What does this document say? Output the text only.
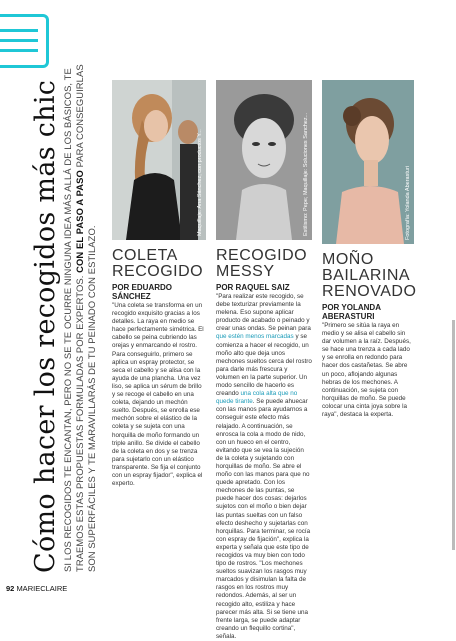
Cómo hacer los recogidos más chic SI LOS RECOGIDOS TE ENCANTAN, PERO NO SE TE OCURRE NINGUNA IDEA MÁS ALLÁ DE LOS BÁSICOS, TE TRAEMOS ESTAS PROPUESTAS FORMULADAS POR EXPERTOS. CON EL PASO A PASO PARA CONSEGUIRLAS SON SUPERFÁCILES Y TE MARAVILLARÁS DE TU PEINADO CON ESTILAZO.
Maquillaje: Ana Sánchez, con productos Y...
COLETA RECOGIDO
POR EDUARDO SÁNCHEZ
"Una coleta se transforma en un recogido exquisito gracias a los detalles. La raya en medio se hace perfectamente simétrica. El cabello se peina cubriendo las orejas y enmarcando el rostro. Para conseguirlo, primero se aplica un espray protector, se seca el cabello y se alisa con la ayuda de una plancha. Una vez liso, se aplica un sérum de brillo y se recoge el cabello en una coleta, dejando un mechón suelto. Después, se enrolla ese mechón sobre el elástico de la coleta y se sujeta con una horquilla de moño formando un triple anillo. Se divide el cabello de la coleta en dos y se trenza para sujetarlo con un elástico transparente. Se fija el conjunto con un espray fijador", explica el experto.
Estilismo: Pepe; Maquillaje: Soluciones Sanchez...
RECOGIDO MESSY
POR RAQUEL SAIZ
"Para realizar este recogido, se debe texturizar previamente la melena. Eso supone aplicar producto de acabado o peinado y crear unas ondas. Se peinan para que estén menos marcadas y se comienza a hacer el recogido, un moño alto que deja unos mechones sueltos cerca del rostro para darle más frescura y volumen en la parte superior. Un modo sencillo de hacerlo es creando una cola alta que no quede tirante. Se puede ahuecar con las manos para ayudarnos a conseguir este efecto más relajado. A continuación, se enrosca la cola a modo de nido, con un hueco en el centro, evitando que se vea la sujeción de la coleta y sujetando con horquillas de moño. Se abre el moño con las manos para que no quede apretado. Con los mechones de las puntas, se puede hacer dos cosas: dejarlos sujetos con el moño o bien dejar las puntas sueltas con un falso efecto deshecho y sujetarlas con horquillas. Para terminar, se rocía con espray de fijación", explica la experta y señala que este tipo de recogidos va muy bien con todo tipo de rostros. "Los mechones sueltos suavizan los rasgos muy marcados y disimulan la falta de rasgos en los rostros muy redondos. Además, al ser un recogido alto, estiliza y hace parecer más alta. Si se tiene una frente larga, se puede adaptar creando un flequillo cortina", señala.
Fotografía: Yolanda Aberasturi
MOÑO BAILARINA RENOVADO
POR YOLANDA ABERASTURI
"Primero se sitúa la raya en medio y se alisa el cabello sin dar volumen a la raíz. Después, se hace una trenza a cada lado y se enrolla en redondo para hacer dos castañetas. Se abre un poco, aflojando algunas hebras de los mechones. A continuación, se sujeta con horquillas de moño. Se puede colocar una cinta joya sobre la raya", destaca la experta.
92 MARIECLAIRE
